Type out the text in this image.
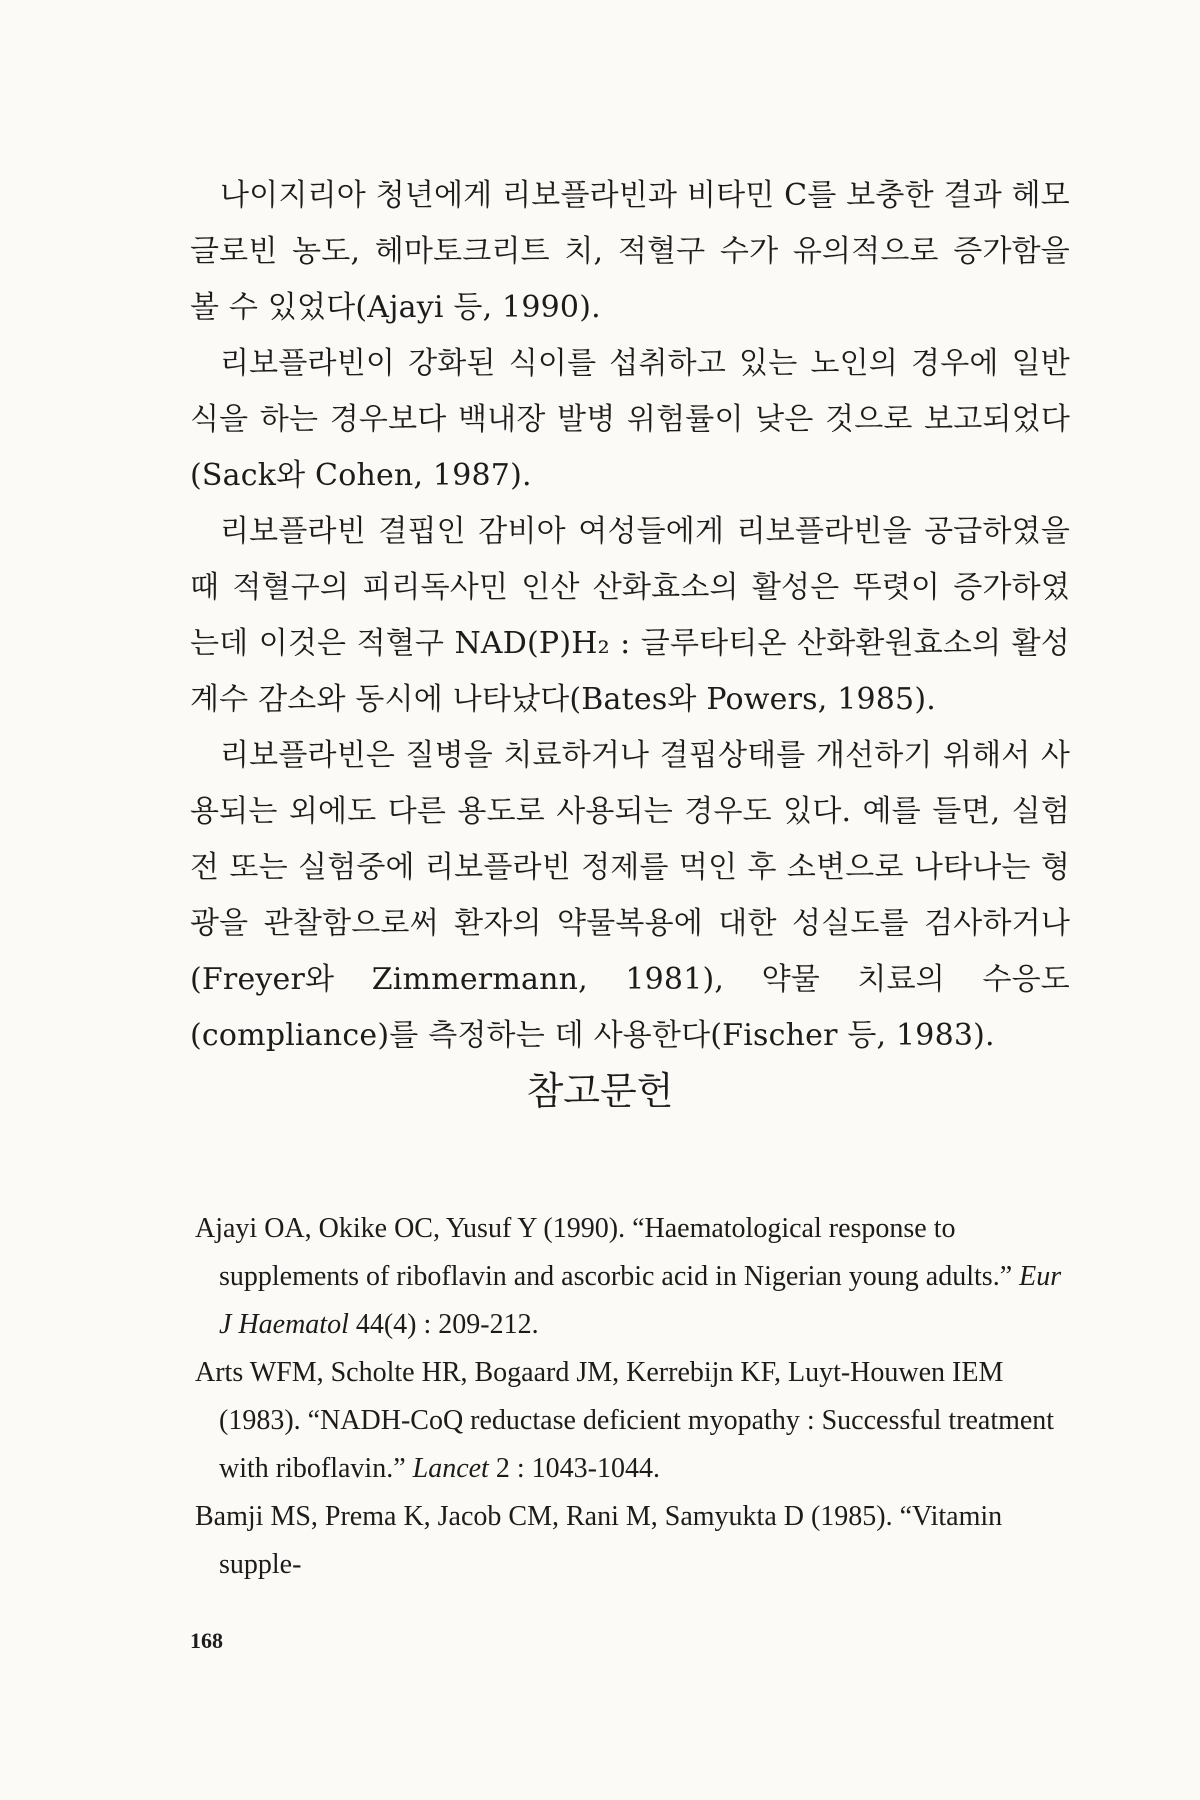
나이지리아 청년에게 리보플라빈과 비타민 C를 보충한 결과 헤모글로빈 농도, 헤마토크리트 치, 적혈구 수가 유의적으로 증가함을 볼 수 있었다(Ajayi 등, 1990).

리보플라빈이 강화된 식이를 섭취하고 있는 노인의 경우에 일반식을 하는 경우보다 백내장 발병 위험률이 낮은 것으로 보고되었다(Sack와 Cohen, 1987).

리보플라빈 결핍인 감비아 여성들에게 리보플라빈을 공급하였을 때 적혈구의 피리독사민 인산 산화효소의 활성은 뚜렷이 증가하였는데 이것은 적혈구 NAD(P)H₂ : 글루타티온 산화환원효소의 활성계수 감소와 동시에 나타났다(Bates와 Powers, 1985).

리보플라빈은 질병을 치료하거나 결핍상태를 개선하기 위해서 사용되는 외에도 다른 용도로 사용되는 경우도 있다. 예를 들면, 실험전 또는 실험중에 리보플라빈 정제를 먹인 후 소변으로 나타나는 형광을 관찰함으로써 환자의 약물복용에 대한 성실도를 검사하거나(Freyer와 Zimmermann, 1981), 약물 치료의 수응도(compliance)를 측정하는 데 사용한다(Fischer 등, 1983).

참고문헌

Ajayi OA, Okike OC, Yusuf Y (1990). “Haematological response to supplements of riboflavin and ascorbic acid in Nigerian young adults.” Eur J Haematol 44(4) : 209-212.

Arts WFM, Scholte HR, Bogaard JM, Kerrebijn KF, Luyt-Houwen IEM (1983). “NADH-CoQ reductase deficient myopathy : Successful treatment with riboflavin.” Lancet 2 : 1043-1044.

Bamji MS, Prema K, Jacob CM, Rani M, Samyukta D (1985). “Vitamin supple-

168
